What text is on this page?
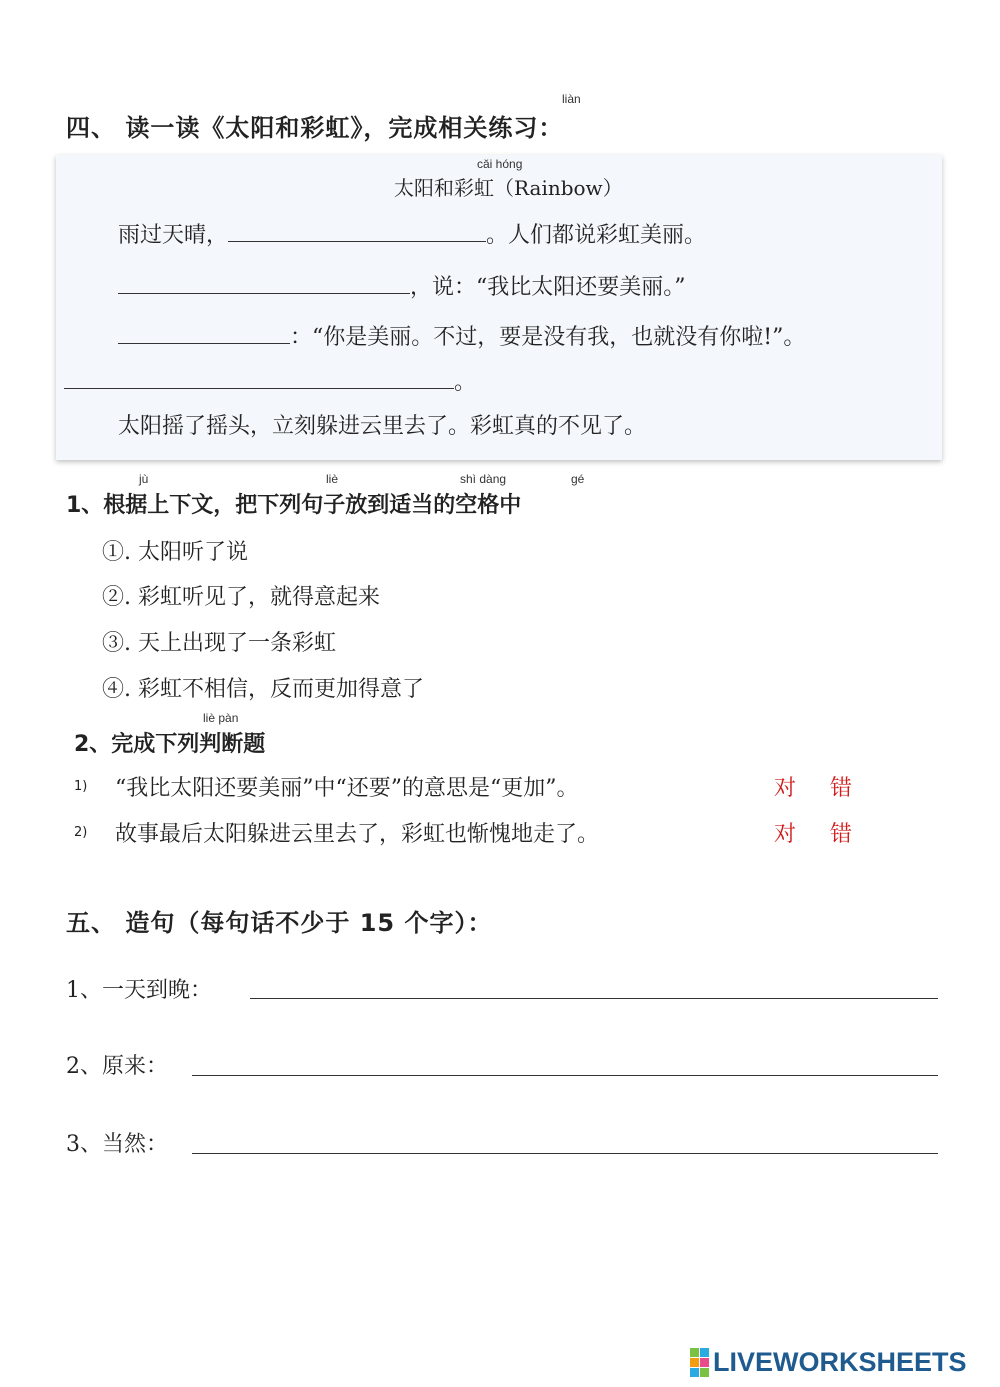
四、 读一读《太阳和彩虹》，完成相关练习：
liàn
cǎi hóng
太阳和彩虹（Rainbow）
雨过天晴，	。人们都说彩虹美丽。
，说：“我比太阳还要美丽。”
：“你是美丽。不过，要是没有我，也就没有你啦!”。
。
太阳摇了摇头，立刻躲进云里去了。彩虹真的不见了。
jù	liè	shì dàng	gé
1、根据上下文，把下列句子放到适当的空格中
①. 太阳听了说
②. 彩虹听见了，就得意起来
③. 天上出现了一条彩虹
④. 彩虹不相信，反而更加得意了
liè pàn
2、完成下列判断题
1) “我比太阳还要美丽”中“还要”的意思是“更加”。	对 错
2) 故事最后太阳躲进云里去了，彩虹也惭愧地走了。	对 错
五、 造句（每句话不少于 15 个字）：
1、一天到晚：
2、原来：
3、当然：
LIVEWORKSHEETS
